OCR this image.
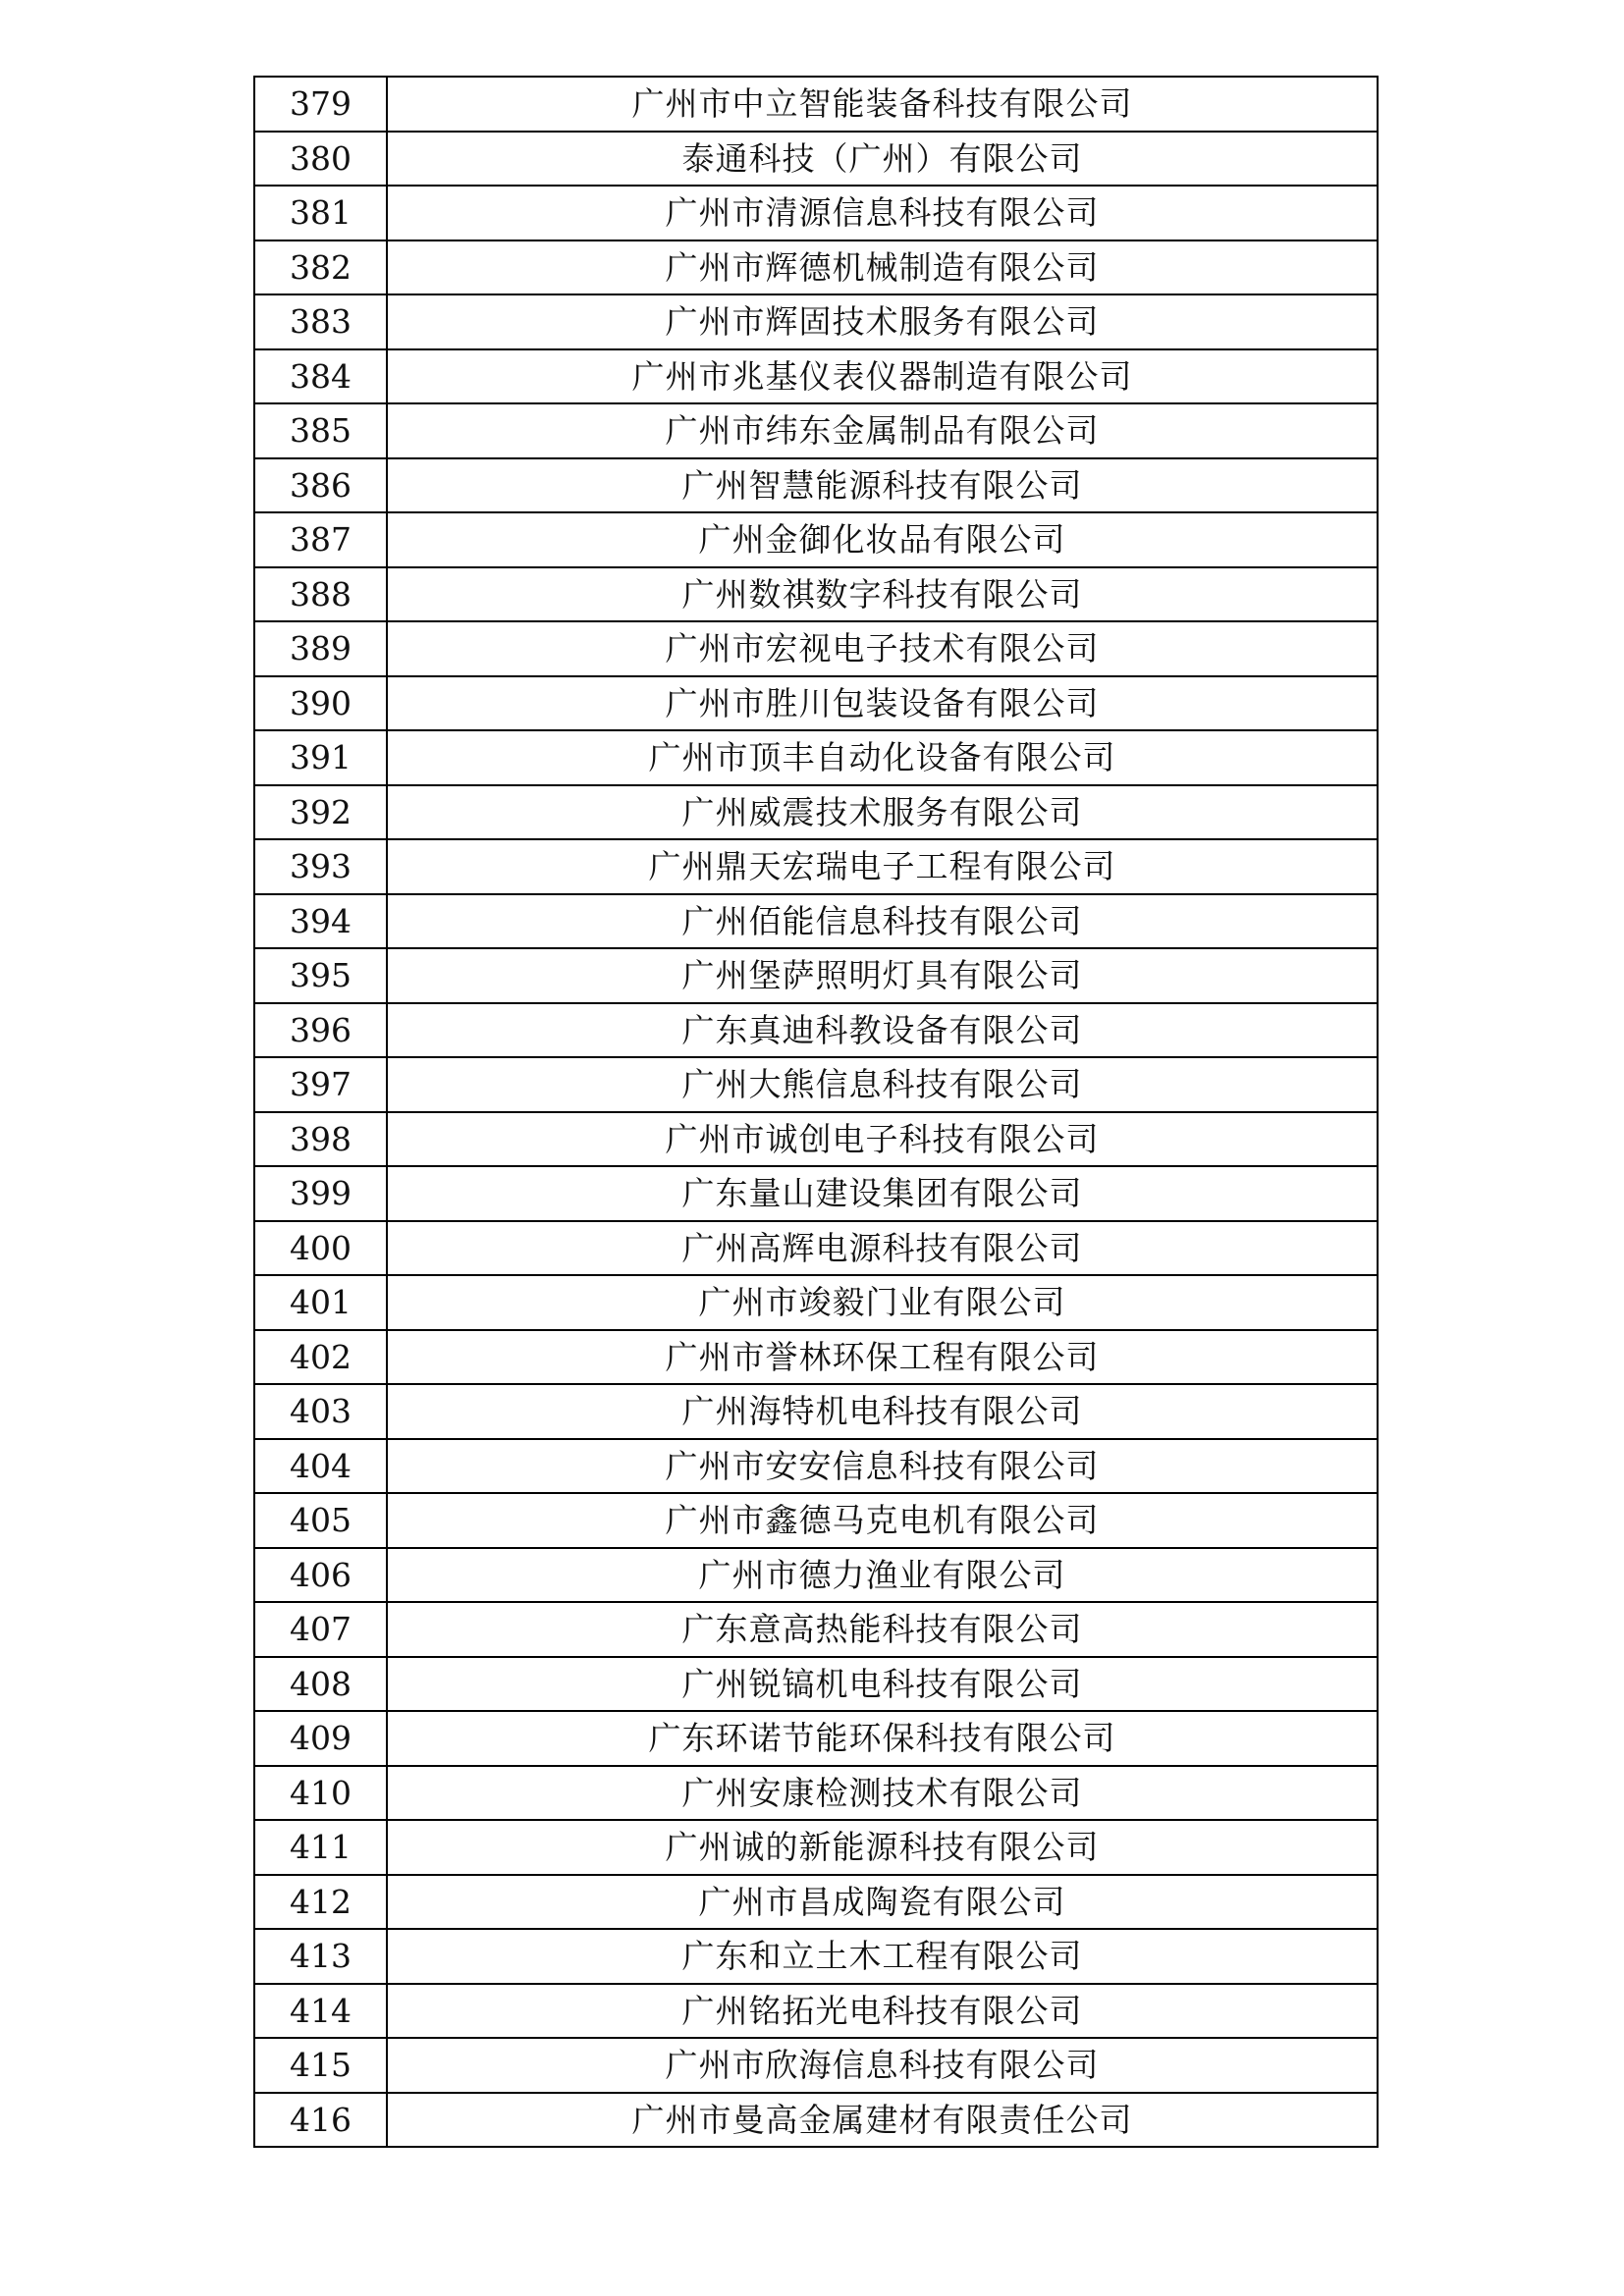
379	广州市中立智能装备科技有限公司
380	泰通科技（广州）有限公司
381	广州市清源信息科技有限公司
382	广州市辉德机械制造有限公司
383	广州市辉固技术服务有限公司
384	广州市兆基仪表仪器制造有限公司
385	广州市纬东金属制品有限公司
386	广州智慧能源科技有限公司
387	广州金御化妆品有限公司
388	广州数祺数字科技有限公司
389	广州市宏视电子技术有限公司
390	广州市胜川包装设备有限公司
391	广州市顶丰自动化设备有限公司
392	广州威震技术服务有限公司
393	广州鼎天宏瑞电子工程有限公司
394	广州佰能信息科技有限公司
395	广州堡萨照明灯具有限公司
396	广东真迪科教设备有限公司
397	广州大熊信息科技有限公司
398	广州市诚创电子科技有限公司
399	广东量山建设集团有限公司
400	广州高辉电源科技有限公司
401	广州市竣毅门业有限公司
402	广州市誉林环保工程有限公司
403	广州海特机电科技有限公司
404	广州市安安信息科技有限公司
405	广州市鑫德马克电机有限公司
406	广州市德力渔业有限公司
407	广东意高热能科技有限公司
408	广州锐镐机电科技有限公司
409	广东环诺节能环保科技有限公司
410	广州安康检测技术有限公司
411	广州诚的新能源科技有限公司
412	广州市昌成陶瓷有限公司
413	广东和立土木工程有限公司
414	广州铭拓光电科技有限公司
415	广州市欣海信息科技有限公司
416	广州市曼高金属建材有限责任公司
